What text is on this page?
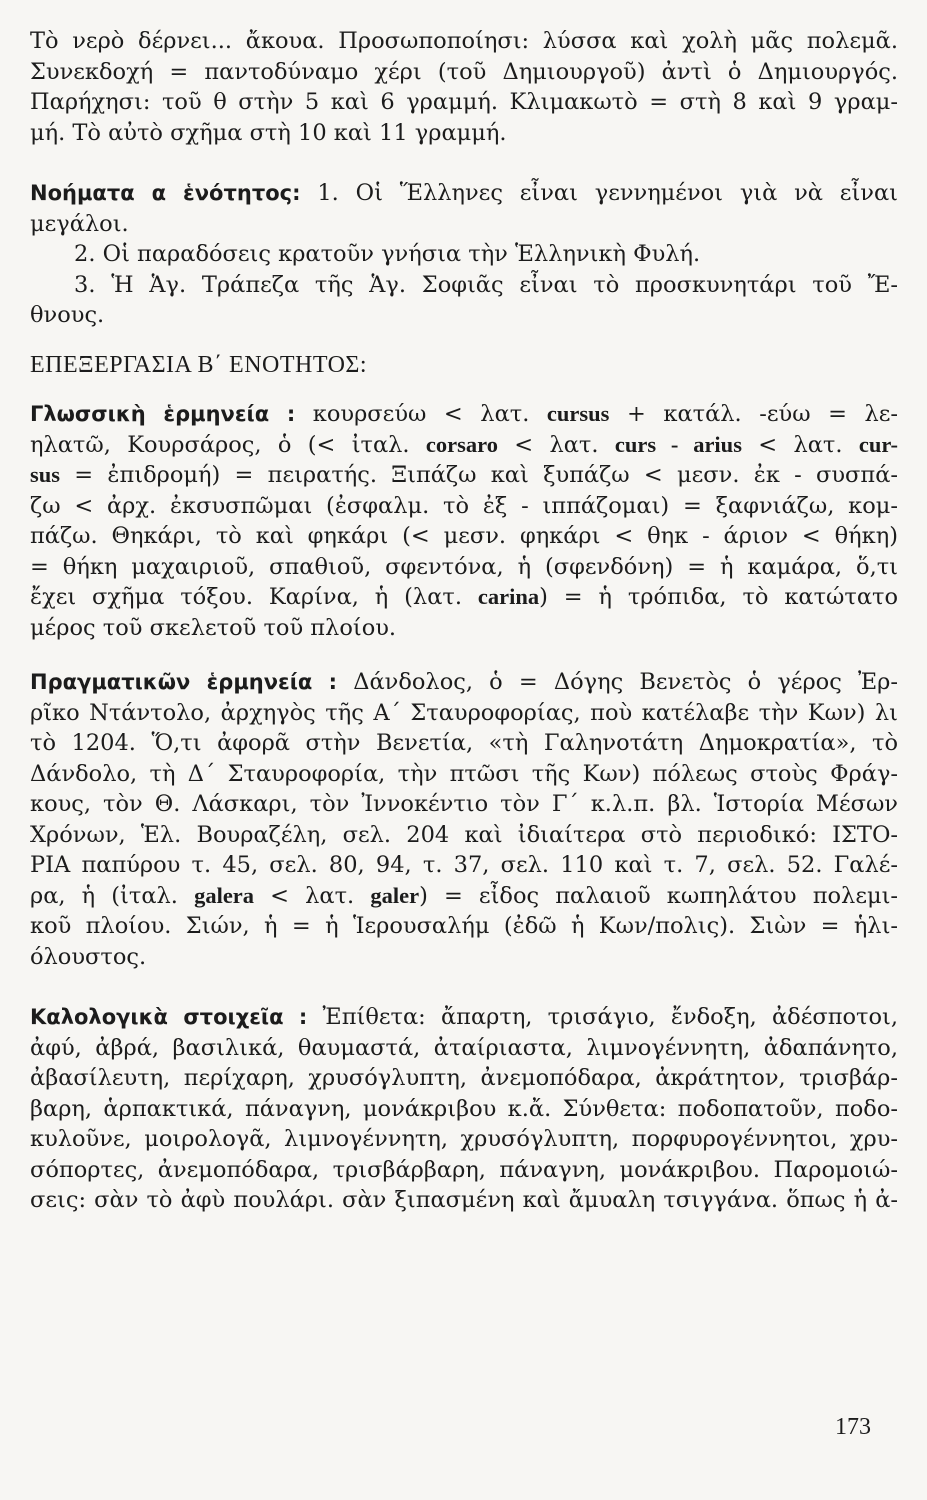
Τὸ νερὸ δέρνει... ἄκουα. Προσωποποίησι: λύσσα καὶ χολὴ μᾶς πολεμᾶ.
Συνεκδοχή = παντοδύναμο χέρι (τοῦ Δημιουργοῦ) ἀντὶ ὁ Δημιουργός.
Παρήχησι: τοῦ θ στὴν 5 καὶ 6 γραμμή. Κλιμακωτὸ = στὴ 8 καὶ 9 γραμ-
μή. Τὸ αὐτὸ σχῆμα στὴ 10 καὶ 11 γραμμή.
Νοήματα α ἑνότητος: 1. Οἱ Ἕλληνες εἶναι γεννημένοι γιὰ νὰ εἶναι
μεγάλοι.
2. Οἱ παραδόσεις κρατοῦν γνήσια τὴν Ἑλληνικὴ Φυλή.
3. Ἡ Ἁγ. Τράπεζα τῆς Ἁγ. Σοφιᾶς εἶναι τὸ προσκυνητάρι τοῦ Ἔ-
θνους.
ΕΠΕΞΕΡΓΑΣΙΑ Β΄ ΕΝΟΤΗΤΟΣ:
Γλωσσικὴ ἑρμηνεία : κουρσεύω < λατ. cursus + κατάλ. -εύω = λε-
ηλατῶ, Κουρσάρος, ὁ (< ἰταλ. corsaro < λατ. curs - arius < λατ. cur-
sus = ἐπιδρομή) = πειρατής. Ξιπάζω καὶ ξυπάζω < μεσν. ἐκ - συσπά-
ζω < ἀρχ. ἐκσυσπῶμαι (ἐσφαλμ. τὸ ἐξ - ιππάζομαι) = ξαφνιάζω, κομ-
πάζω. Θηκάρι, τὸ καὶ φηκάρι (< μεσν. φηκάρι < θηκ - άριον < θήκη)
= θήκη μαχαιριοῦ, σπαθιοῦ, σφεντόνα, ἡ (σφενδόνη) = ἡ καμάρα, ὅ,τι
ἔχει σχῆμα τόξου. Καρίνα, ἡ (λατ. carina) = ἡ τρόπιδα, τὸ κατώτατο
μέρος τοῦ σκελετοῦ τοῦ πλοίου.
Πραγματικῶν ἑρμηνεία : Δάνδολος, ὁ = Δόγης Βενετὸς ὁ γέρος Ἐρ-
ρῖκο Ντάντολο, ἀρχηγὸς τῆς Α΄ Σταυροφορίας, ποὺ κατέλαβε τὴν Κων) λι
τὸ 1204. Ὅ,τι ἀφορᾶ στὴν Βενετία, «τὴ Γαληνοτάτη Δημοκρατία», τὸ
Δάνδολο, τὴ Δ΄ Σταυροφορία, τὴν πτῶσι τῆς Κων) πόλεως στοὺς Φράγ-
κους, τὸν Θ. Λάσκαρι, τὸν Ἰννοκέντιο τὸν Γ΄ κ.λ.π. βλ. Ἱστορία Μέσων
Χρόνων, Ἑλ. Βουραζέλη, σελ. 204 καὶ ἰδιαίτερα στὸ περιοδικό: ΙΣΤΟ-
ΡΙΑ παπύρου τ. 45, σελ. 80, 94, τ. 37, σελ. 110 καὶ τ. 7, σελ. 52. Γαλέ-
ρα, ἡ (ἰταλ. galera < λατ. galer) = εἶδος παλαιοῦ κωπηλάτου πολεμι-
κοῦ πλοίου. Σιών, ἡ = ἡ Ἱερουσαλήμ (ἐδῶ ἡ Κων/πολις). Σιὼν = ἡλι-
όλουστος.
Καλολογικὰ στοιχεῖα : Ἐπίθετα: ἄπαρτη, τρισάγιο, ἔνδοξη, ἀδέσποτοι,
ἀφύ, ἀβρά, βασιλικά, θαυμαστά, ἀταίριαστα, λιμνογέννητη, ἀδαπάνητο,
ἀβασίλευτη, περίχαρη, χρυσόγλυπτη, ἀνεμοπόδαρα, ἀκράτητον, τρισβάρ-
βαρη, ἁρπακτικά, πάναγνη, μονάκριβου κ.ἄ. Σύνθετα: ποδοπατοῦν, ποδο-
κυλοῦνε, μοιρολογᾶ, λιμνογέννητη, χρυσόγλυπτη, πορφυρογέννητοι, χρυ-
σόπορτες, ἀνεμοπόδαρα, τρισβάρβαρη, πάναγνη, μονάκριβου. Παρομοιώ-
σεις: σὰν τὸ ἀφὺ πουλάρι. σὰν ξιπασμένη καὶ ἄμυαλη τσιγγάνα. ὅπως ἡ ἀ-
173
